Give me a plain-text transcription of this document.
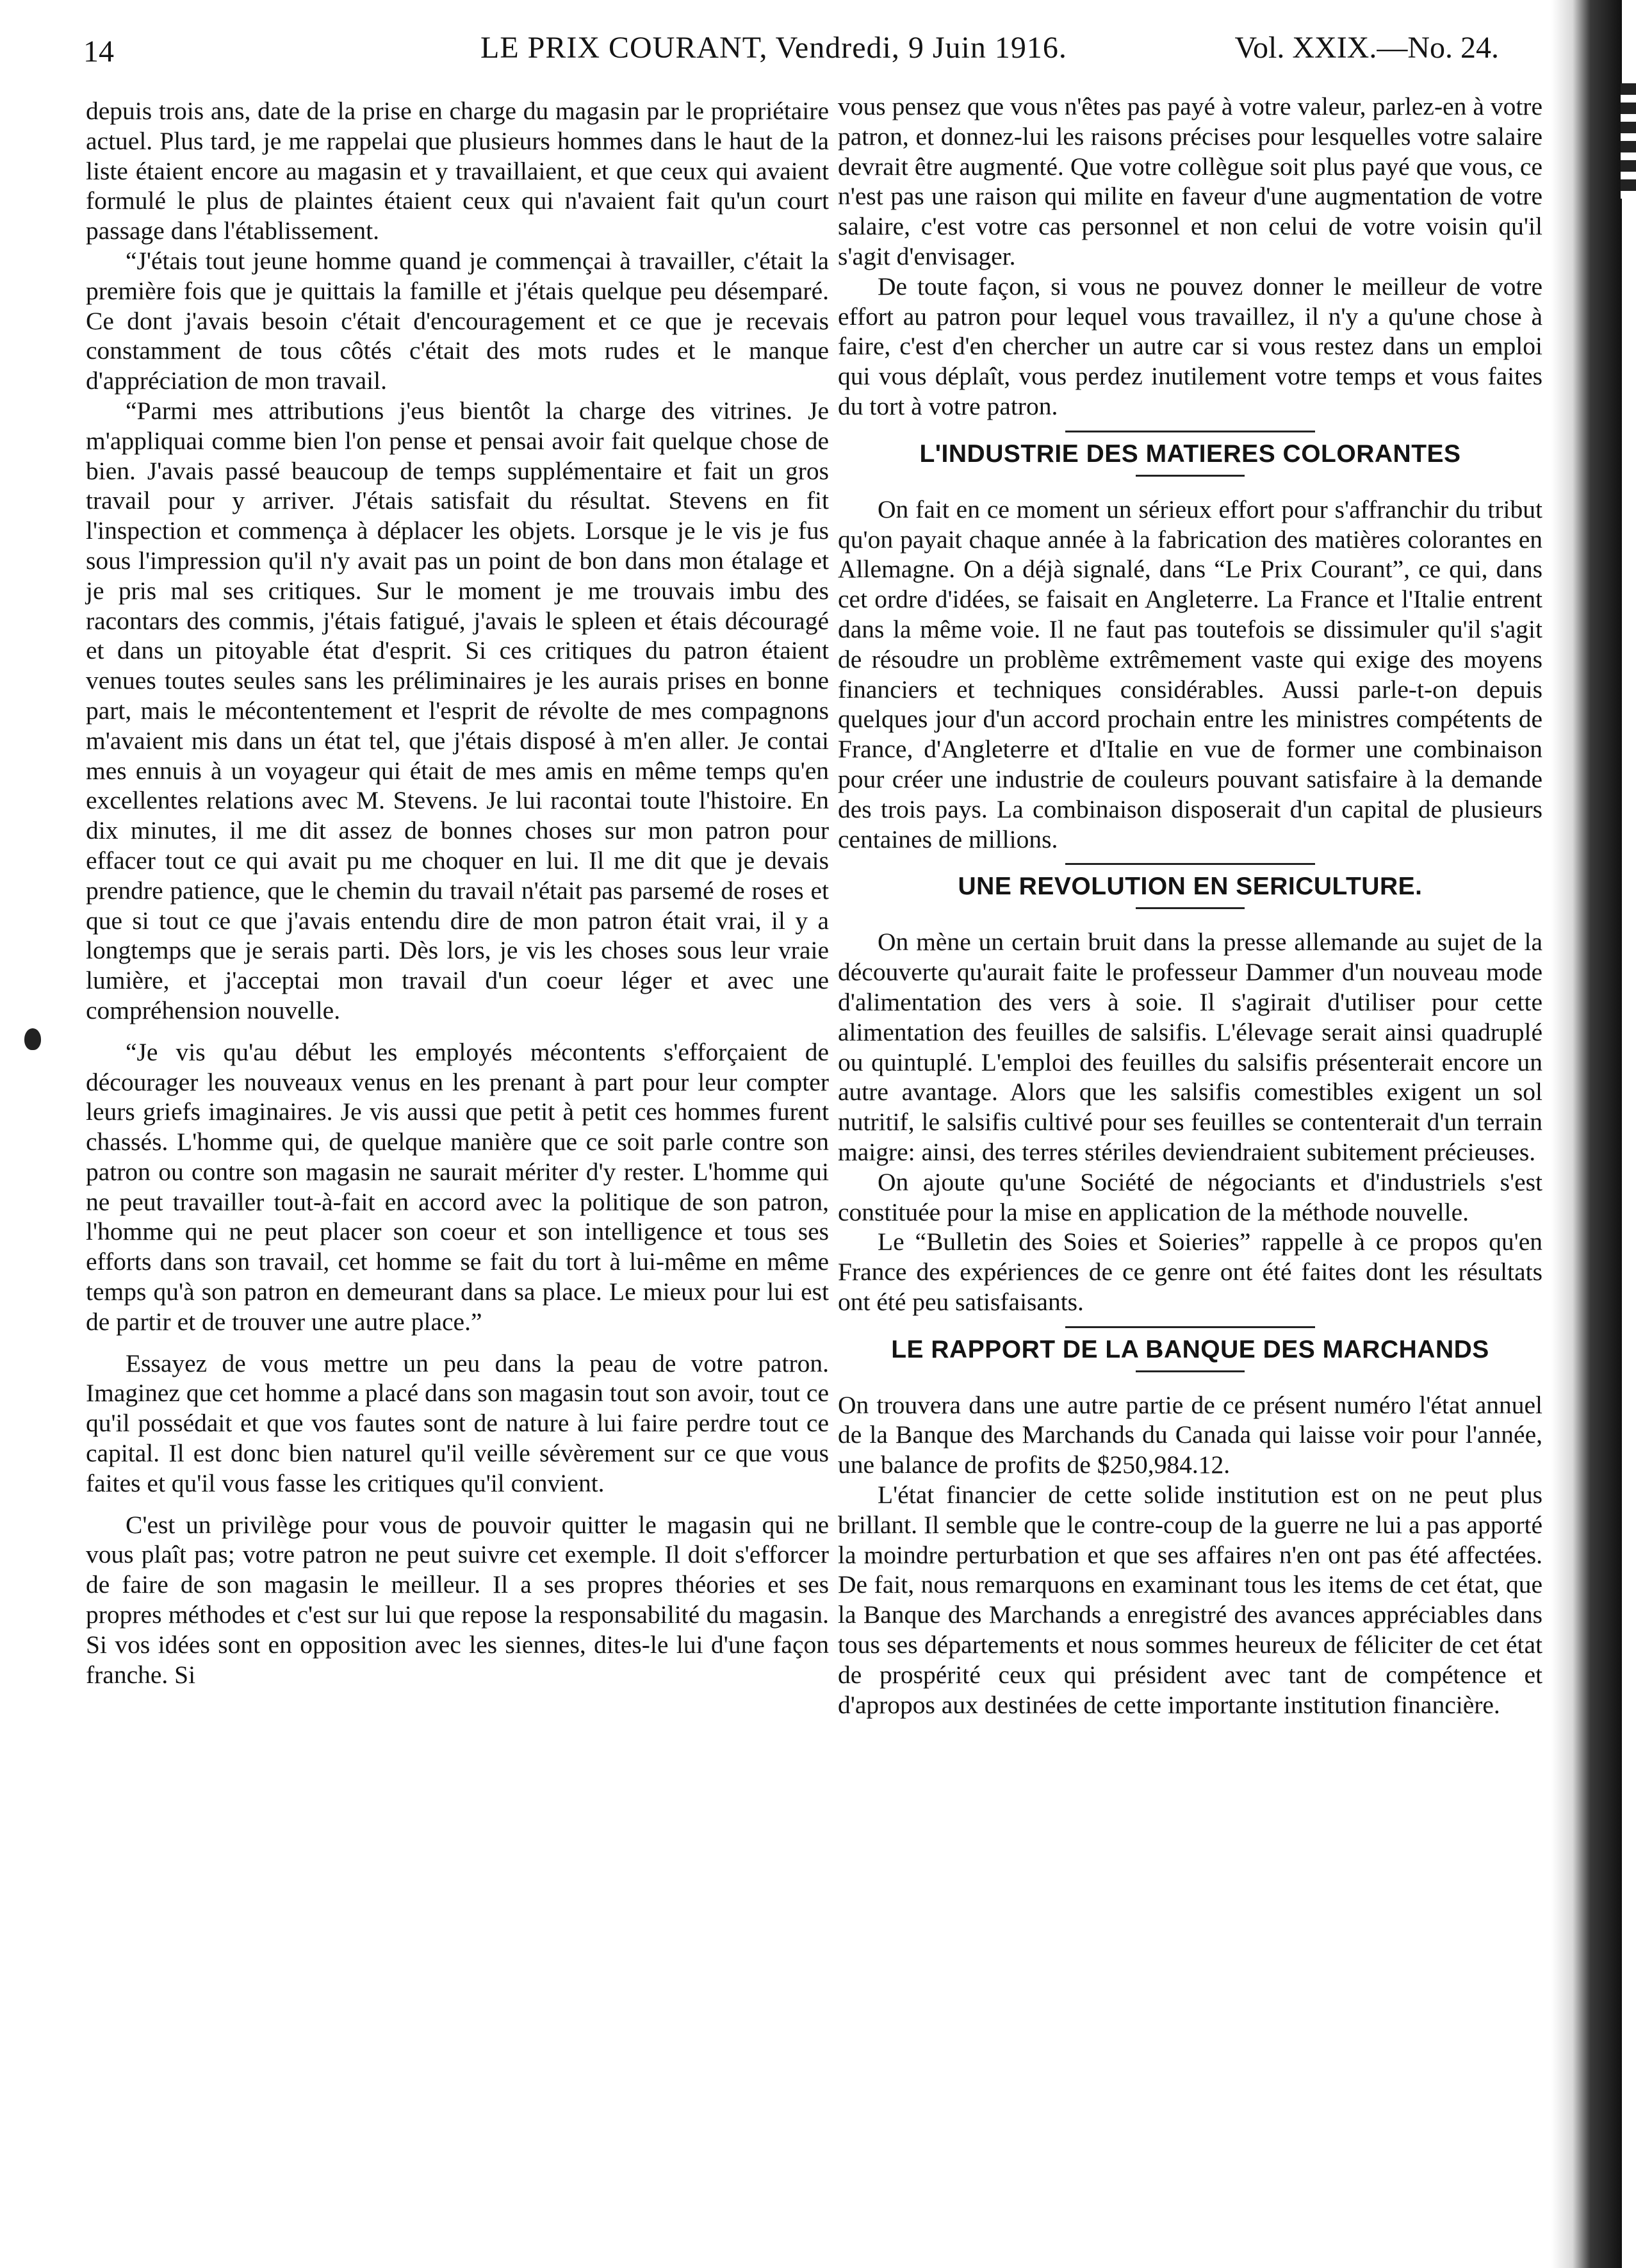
14	LE PRIX COURANT, Vendredi, 9 Juin 1916.	Vol. XXIX.—No. 24.

depuis trois ans, date de la prise en charge du magasin par le propriétaire actuel. Plus tard, je me rappelai que plusieurs hommes dans le haut de la liste étaient encore au magasin et y travaillaient, et que ceux qui avaient formulé le plus de plaintes étaient ceux qui n'avaient fait qu'un court passage dans l'établissement.

“J'étais tout jeune homme quand je commençai à travailler, c'était la première fois que je quittais la famille et j'étais quelque peu désemparé. Ce dont j'avais besoin c'était d'encouragement et ce que je recevais constamment de tous côtés c'était des mots rudes et le manque d'appréciation de mon travail.

“Parmi mes attributions j'eus bientôt la charge des vitrines. Je m'appliquai comme bien l'on pense et pensai avoir fait quelque chose de bien. J'avais passé beaucoup de temps supplémentaire et fait un gros travail pour y arriver. J'étais satisfait du résultat. Stevens en fit l'inspection et commença à déplacer les objets. Lorsque je le vis je fus sous l'impression qu'il n'y avait pas un point de bon dans mon étalage et je pris mal ses critiques. Sur le moment je me trouvais imbu des racontars des commis, j'étais fatigué, j'avais le spleen et étais découragé et dans un pitoyable état d'esprit. Si ces critiques du patron étaient venues toutes seules sans les préliminaires je les aurais prises en bonne part, mais le mécontentement et l'esprit de révolte de mes compagnons m'avaient mis dans un état tel, que j'étais disposé à m'en aller. Je contai mes ennuis à un voyageur qui était de mes amis en même temps qu'en excellentes relations avec M. Stevens. Je lui racontai toute l'histoire. En dix minutes, il me dit assez de bonnes choses sur mon patron pour effacer tout ce qui avait pu me choquer en lui. Il me dit que je devais prendre patience, que le chemin du travail n'était pas parsemé de roses et que si tout ce que j'avais entendu dire de mon patron était vrai, il y a longtemps que je serais parti. Dès lors, je vis les choses sous leur vraie lumière, et j'acceptai mon travail d'un coeur léger et avec une compréhension nouvelle.

“Je vis qu'au début les employés mécontents s'efforçaient de décourager les nouveaux venus en les prenant à part pour leur compter leurs griefs imaginaires. Je vis aussi que petit à petit ces hommes furent chassés. L'homme qui, de quelque manière que ce soit parle contre son patron ou contre son magasin ne saurait mériter d'y rester. L'homme qui ne peut travailler tout-à-fait en accord avec la politique de son patron, l'homme qui ne peut placer son coeur et son intelligence et tous ses efforts dans son travail, cet homme se fait du tort à lui-même en même temps qu'à son patron en demeurant dans sa place. Le mieux pour lui est de partir et de trouver une autre place.”

Essayez de vous mettre un peu dans la peau de votre patron. Imaginez que cet homme a placé dans son magasin tout son avoir, tout ce qu'il possédait et que vos fautes sont de nature à lui faire perdre tout ce capital. Il est donc bien naturel qu'il veille sévèrement sur ce que vous faites et qu'il vous fasse les critiques qu'il convient.

C'est un privilège pour vous de pouvoir quitter le magasin qui ne vous plaît pas; votre patron ne peut suivre cet exemple. Il doit s'efforcer de faire de son magasin le meilleur. Il a ses propres théories et ses propres méthodes et c'est sur lui que repose la responsabilité du magasin. Si vos idées sont en opposition avec les siennes, dites-le lui d'une façon franche. Si

vous pensez que vous n'êtes pas payé à votre valeur, parlez-en à votre patron, et donnez-lui les raisons précises pour lesquelles votre salaire devrait être augmenté. Que votre collègue soit plus payé que vous, ce n'est pas une raison qui milite en faveur d'une augmentation de votre salaire, c'est votre cas personnel et non celui de votre voisin qu'il s'agit d'envisager.

De toute façon, si vous ne pouvez donner le meilleur de votre effort au patron pour lequel vous travaillez, il n'y a qu'une chose à faire, c'est d'en chercher un autre car si vous restez dans un emploi qui vous déplaît, vous perdez inutilement votre temps et vous faites du tort à votre patron.

L'INDUSTRIE DES MATIERES COLORANTES

On fait en ce moment un sérieux effort pour s'affranchir du tribut qu'on payait chaque année à la fabrication des matières colorantes en Allemagne. On a déjà signalé, dans “Le Prix Courant”, ce qui, dans cet ordre d'idées, se faisait en Angleterre. La France et l'Italie entrent dans la même voie. Il ne faut pas toutefois se dissimuler qu'il s'agit de résoudre un problème extrêmement vaste qui exige des moyens financiers et techniques considérables. Aussi parle-t-on depuis quelques jour d'un accord prochain entre les ministres compétents de France, d'Angleterre et d'Italie en vue de former une combinaison pour créer une industrie de couleurs pouvant satisfaire à la demande des trois pays. La combinaison disposerait d'un capital de plusieurs centaines de millions.

UNE REVOLUTION EN SERICULTURE.

On mène un certain bruit dans la presse allemande au sujet de la découverte qu'aurait faite le professeur Dammer d'un nouveau mode d'alimentation des vers à soie. Il s'agirait d'utiliser pour cette alimentation des feuilles de salsifis. L'élevage serait ainsi quadruplé ou quintuplé. L'emploi des feuilles du salsifis présenterait encore un autre avantage. Alors que les salsifis comestibles exigent un sol nutritif, le salsifis cultivé pour ses feuilles se contenterait d'un terrain maigre: ainsi, des terres stériles deviendraient subitement précieuses.

On ajoute qu'une Société de négociants et d'industriels s'est constituée pour la mise en application de la méthode nouvelle.

Le “Bulletin des Soies et Soieries” rappelle à ce propos qu'en France des expériences de ce genre ont été faites dont les résultats ont été peu satisfaisants.

LE RAPPORT DE LA BANQUE DES MARCHANDS

On trouvera dans une autre partie de ce présent numéro l'état annuel de la Banque des Marchands du Canada qui laisse voir pour l'année, une balance de profits de $250,984.12.

L'état financier de cette solide institution est on ne peut plus brillant. Il semble que le contre-coup de la guerre ne lui a pas apporté la moindre perturbation et que ses affaires n'en ont pas été affectées. De fait, nous remarquons en examinant tous les items de cet état, que la Banque des Marchands a enregistré des avances appréciables dans tous ses départements et nous sommes heureux de féliciter de cet état de prospérité ceux qui président avec tant de compétence et d'apropos aux destinées de cette importante institution financière.
